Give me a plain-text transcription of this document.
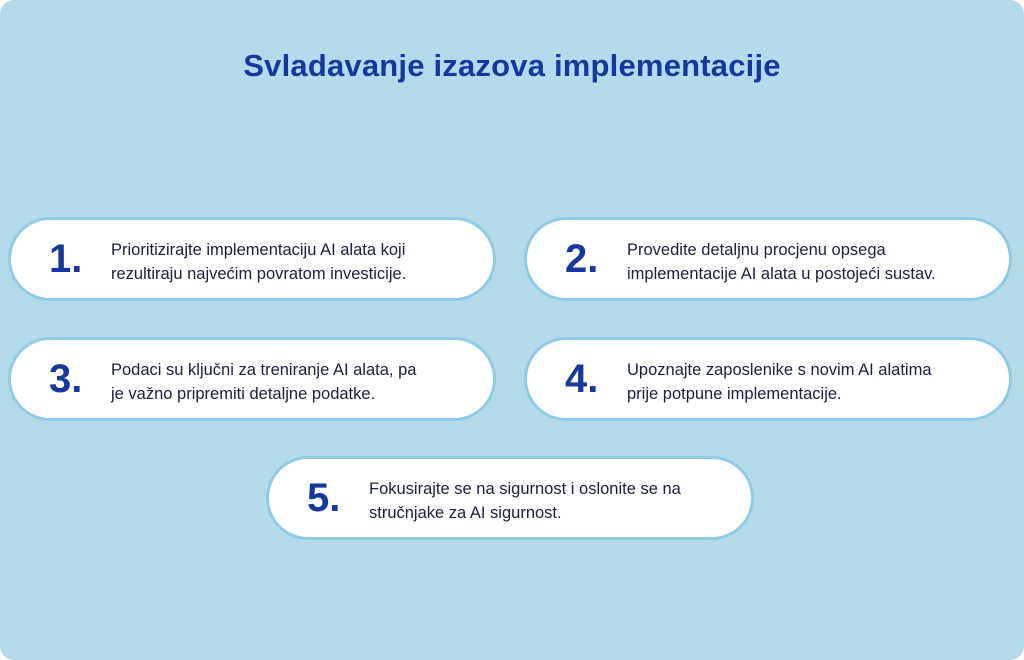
Svladavanje izazova implementacije
1. Prioritizirajte implementaciju AI alata koji
rezultiraju najvećim povratom investicije.	2. Provedite detaljnu procjenu opsega
implementacije AI alata u postojeći sustav.
3. Podaci su ključni za treniranje AI alata, pa
je važno pripremiti detaljne podatke.	4. Upoznajte zaposlenike s novim AI alatima
prije potpune implementacije.
5. Fokusirajte se na sigurnost i oslonite se na
stručnjake za AI sigurnost.
